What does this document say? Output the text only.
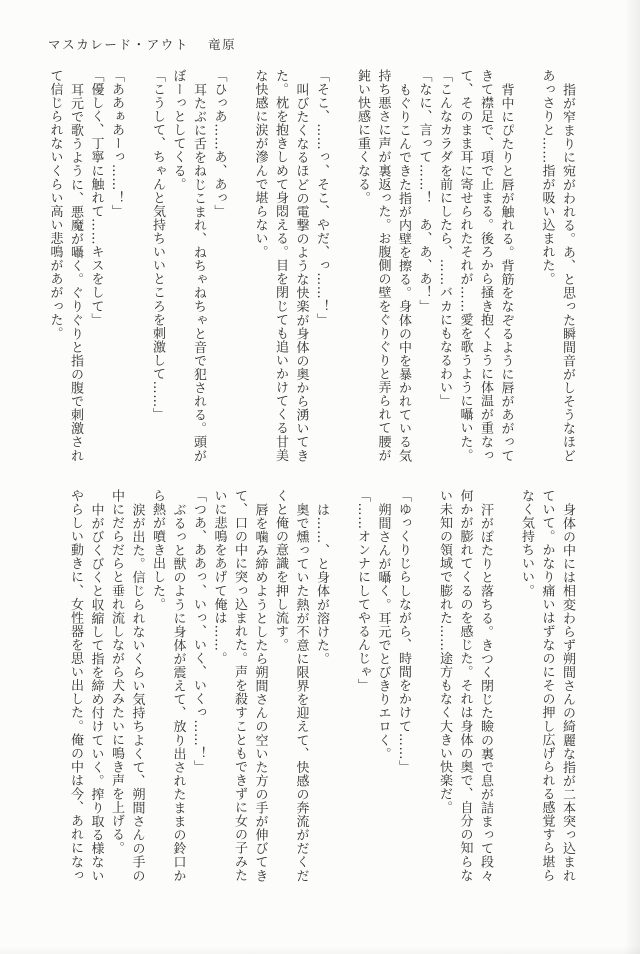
マスカレード・アウト 竜原
指が窄まりに宛がわれる。あ、と思った瞬間音がしそうなほど
あっさりと……指が吸い込まれた。
背中にぴたりと唇が触れる。背筋をなぞるように唇があがって
きて襟足で、項で止まる。後ろから掻き抱くように体温が重なっ
て、そのまま耳に寄せられたそれが……愛を歌うように囁いた。
「こんなカラダを前にしたら、……バカにもなるわい」
「なに、言って……！　あ、あ、あ！」
もぐりこんできた指が内壁を擦る。身体の中を暴かれている気
持ち悪さに声が裏返った。お腹側の壁をぐりぐりと弄られて腰が
鈍い快感に重くなる。
「そこ、……っ、そこ、やだ、っ……！」
叫びたくなるほどの電撃のような快楽が身体の奥から湧いてき
た。枕を抱きしめて身悶える。目を閉じても追いかけてくる甘美
な快感に涙が滲んで堪らない。
「ひっあ……あ、あっ」
耳たぶに舌をねじこまれ、ねちゃねちゃと音で犯される。頭が
ぼーっとしてくる。
「こうして、ちゃんと気持ちいいところを刺激して……」
「ああぁあーっ……！」
「優しく、丁寧に触れて……キスをして」
耳元で歌うように、悪魔が囁く。ぐりぐりと指の腹で刺激され
て信じられないくらい高い悲鳴があがった。
身体の中には相変わらず朔間さんの綺麗な指が二本突っ込まれ
ていて。かなり痛いはずなのにその押し広げられる感覚すら堪ら
なく気持ちいい。
汗がぽたりと落ちる。きつく閉じた瞼の裏で息が詰まって段々
何かが膨れてくるのを感じた。それは身体の奥で、自分の知らな
い未知の領域で膨れた……途方もなく大きい快楽だ。
「ゆっくりじらしながら、時間をかけて……」
朔間さんが囁く。耳元でとびきりエロく。
「……オンナにしてやるんじゃ」
は……、と身体が溶けた。
奥で燻っていた熱が不意に限界を迎えて、快感の奔流がだくだ
くと俺の意識を押し流す。
唇を噛み締めようとしたら朔間さんの空いた方の手が伸びてき
て、口の中に突っ込まれた。声を殺すこともできずに女の子みた
いに悲鳴をあげて俺は……。
「つあ、ああっ、いっ、いく、いくっ……！」
ぶるっと獣のように身体が震えて、放り出されたままの鈴口か
ら熱が噴き出した。
涙が出た。信じられないくらい気持ちよくて、朔間さんの手の
中にだらだらと垂れ流しながら犬みたいに鳴き声を上げる。
中がびくびくと収縮して指を締め付けていく。搾り取る様ない
やらしい動きに、女性器を思い出した。俺の中は今、あれになっ
